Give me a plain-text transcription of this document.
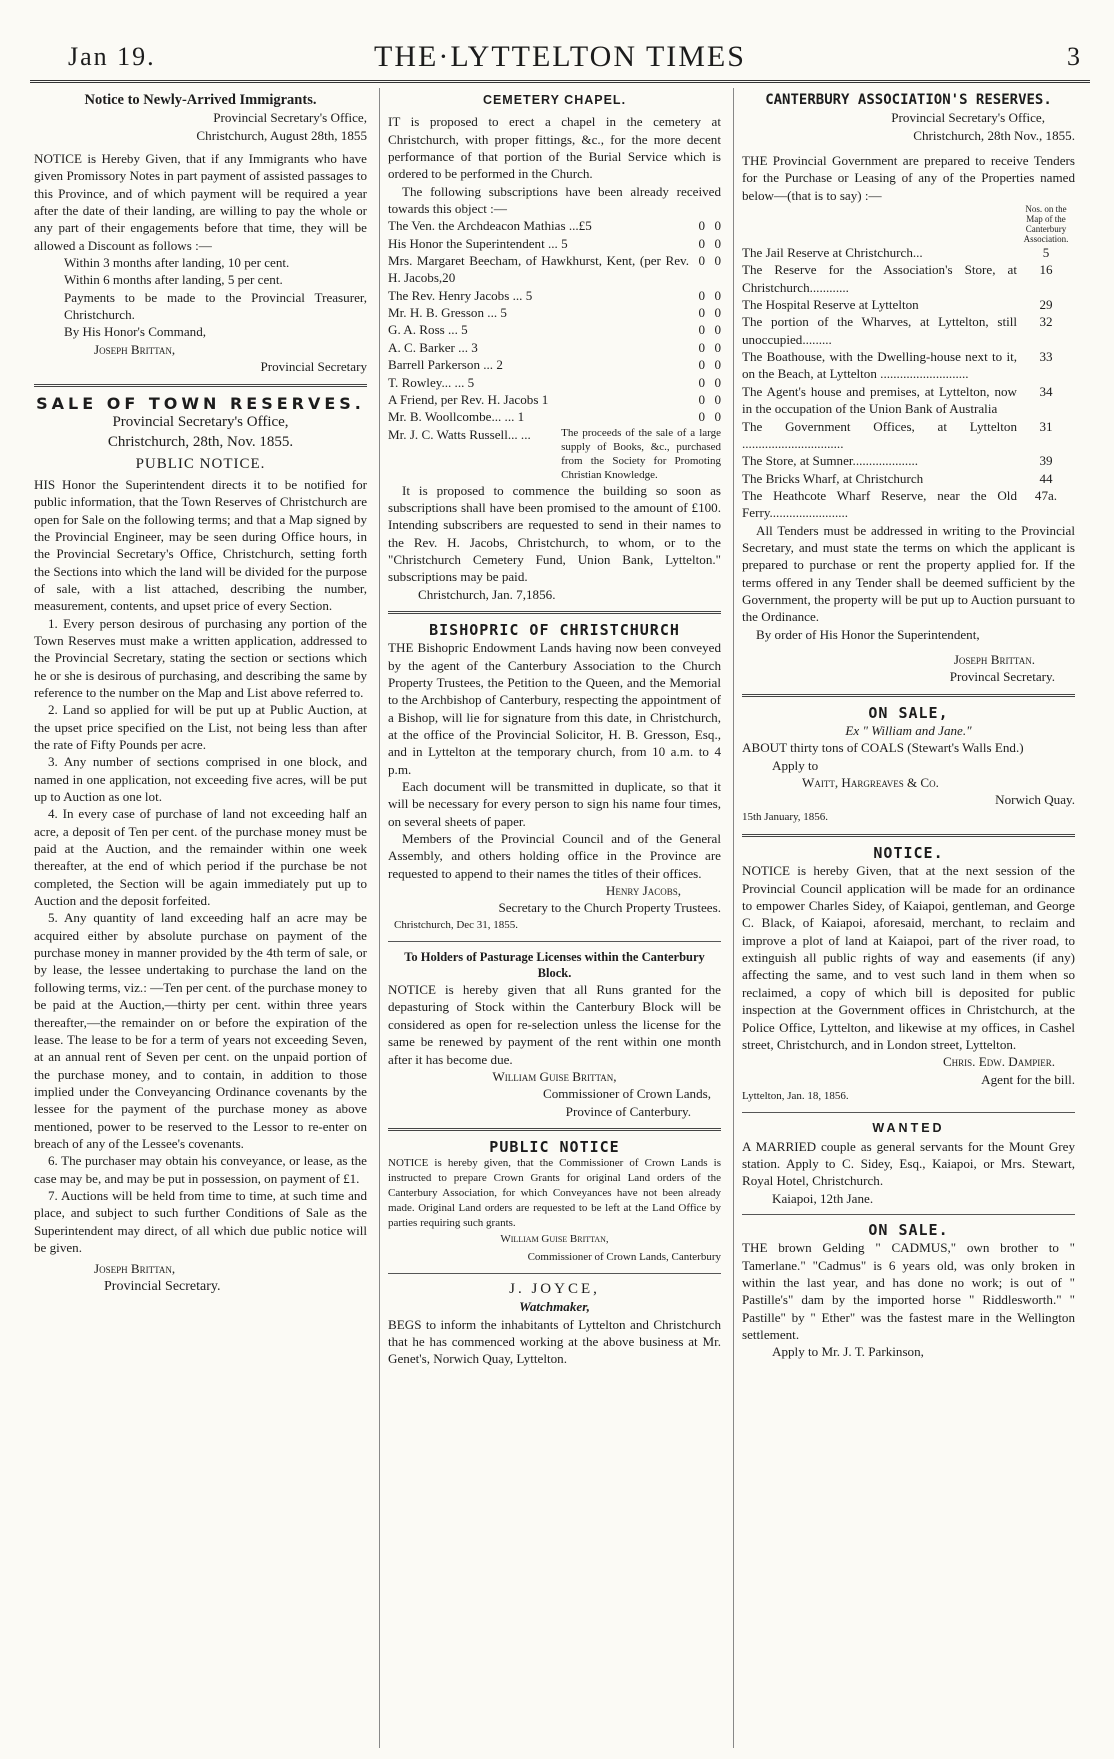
Jan 19.	THE·LYTTELTON TIMES	3

Notice to Newly-Arrived Immigrants.

Provincial Secretary's Office,

Christchurch, August 28th, 1855

NOTICE is Hereby Given, that if any Immigrants who have given Promissory Notes in part payment of assisted passages to this Province, and of which payment will be required a year after the date of their landing, are willing to pay the whole or any part of their engagements before that time, they will be allowed a Discount as follows :—

Within 3 months after landing, 10 per cent.

Within 6 months after landing, 5 per cent.

Payments to be made to the Provincial Treasurer, Christchurch.

By His Honor's Command,

Joseph Brittan,

Provincial Secretary

SALE OF TOWN RESERVES.

Provincial Secretary's Office,

Christchurch, 28th, Nov. 1855.

PUBLIC NOTICE.

HIS Honor the Superintendent directs it to be notified for public information, that the Town Reserves of Christchurch are open for Sale on the following terms; and that a Map signed by the Provincial Engineer, may be seen during Office hours, in the Provincial Secretary's Office, Christchurch, setting forth the Sections into which the land will be divided for the purpose of sale, with a list attached, describing the number, measurement, contents, and upset price of every Section.

1. Every person desirous of purchasing any portion of the Town Reserves must make a written application, addressed to the Provincial Secretary, stating the section or sections which he or she is desirous of purchasing, and describing the same by reference to the number on the Map and List above referred to.

2. Land so applied for will be put up at Public Auction, at the upset price specified on the List, not being less than after the rate of Fifty Pounds per acre.

3. Any number of sections comprised in one block, and named in one application, not exceeding five acres, will be put up to Auction as one lot.

4. In every case of purchase of land not exceeding half an acre, a deposit of Ten per cent. of the purchase money must be paid at the Auction, and the remainder within one week thereafter, at the end of which period if the purchase be not completed, the Section will be again immediately put up to Auction and the deposit forfeited.

5. Any quantity of land exceeding half an acre may be acquired either by absolute purchase on payment of the purchase money in manner provided by the 4th term of sale, or by lease, the lessee undertaking to purchase the land on the following terms, viz.: —Ten per cent. of the purchase money to be paid at the Auction,—thirty per cent. within three years thereafter,—the remainder on or before the expiration of the lease. The lease to be for a term of years not exceeding Seven, at an annual rent of Seven per cent. on the unpaid portion of the purchase money, and to contain, in addition to those implied under the Conveyancing Ordinance covenants by the lessee for the payment of the purchase money as above mentioned, power to be reserved to the Lessor to re-enter on breach of any of the Lessee's covenants.

6. The purchaser may obtain his conveyance, or lease, as the case may be, and may be put in possession, on payment of £1.

7. Auctions will be held from time to time, at such time and place, and subject to such further Conditions of Sale as the Superintendent may direct, of all which due public notice will be given.

Joseph Brittan,

Provincial Secretary.

CEMETERY CHAPEL.

IT is proposed to erect a chapel in the cemetery at Christchurch, with proper fittings, &c., for the more decent performance of that portion of the Burial Service which is ordered to be performed in the Church.

The following subscriptions have been already received towards this object :—

The Ven. the Archdeacon Mathias ...£5	0	0
His Honor the Superintendent ... 5	0	0
Mrs. Margaret Beecham, of Hawkhurst, Kent, (per Rev. H. Jacobs,20	0	0
The Rev. Henry Jacobs ... 5	0	0
Mr. H. B. Gresson ... 5	0	0
G. A. Ross ... 5	0	0
A. C. Barker ... 3	0	0
Barrell Parkerson ... 2	0	0
T. Rowley... ... 5	0	0
A Friend, per Rev. H. Jacobs 1	0	0
Mr. B. Woollcombe... ... 1	0	0
Mr. J. C. Watts Russell... ...	The proceeds of the sale of a large supply of Books, &c., purchased from the Society for Promoting Christian Knowledge.

It is proposed to commence the building so soon as subscriptions shall have been promised to the amount of £100. Intending subscribers are requested to send in their names to the Rev. H. Jacobs, Christchurch, to whom, or to the "Christchurch Cemetery Fund, Union Bank, Lyttelton." subscriptions may be paid.

Christchurch, Jan. 7,1856.

BISHOPRIC OF CHRISTCHURCH

THE Bishopric Endowment Lands having now been conveyed by the agent of the Canterbury Association to the Church Property Trustees, the Petition to the Queen, and the Memorial to the Archbishop of Canterbury, respecting the appointment of a Bishop, will lie for signature from this date, in Christchurch, at the office of the Provincial Solicitor, H. B. Gresson, Esq., and in Lyttelton at the temporary church, from 10 a.m. to 4 p.m.

Each document will be transmitted in duplicate, so that it will be necessary for every person to sign his name four times, on several sheets of paper.

Members of the Provincial Council and of the General Assembly, and others holding office in the Province are requested to append to their names the titles of their offices.

Henry Jacobs,

Secretary to the Church Property Trustees.

Christchurch, Dec 31, 1855.

To Holders of Pasturage Licenses within the Canterbury Block.

NOTICE is hereby given that all Runs granted for the depasturing of Stock within the Canterbury Block will be considered as open for re-selection unless the license for the same be renewed by payment of the rent within one month after it has become due.

William Guise Brittan,

Commissioner of Crown Lands,

Province of Canterbury.

PUBLIC NOTICE

NOTICE is hereby given, that the Commissioner of Crown Lands is instructed to prepare Crown Grants for original Land orders of the Canterbury Association, for which Conveyances have not been already made. Original Land orders are requested to be left at the Land Office by parties requiring such grants.

William Guise Brittan,

Commissioner of Crown Lands, Canterbury

J. JOYCE,

Watchmaker,

BEGS to inform the inhabitants of Lyttelton and Christchurch that he has commenced working at the above business at Mr. Genet's, Norwich Quay, Lyttelton.

CANTERBURY ASSOCIATION'S RESERVES.

Provincial Secretary's Office,

Christchurch, 28th Nov., 1855.

THE Provincial Government are prepared to receive Tenders for the Purchase or Leasing of any of the Properties named below—(that is to say) :—

	Nos. on the Map of the Canterbury Association.
The Jail Reserve at Christchurch...	5
The Reserve for the Association's Store, at Christchurch............	16
The Hospital Reserve at Lyttelton	29
The portion of the Wharves, at Lyttelton, still unoccupied.........	32
The Boathouse, with the Dwelling-house next to it, on the Beach, at Lyttelton ...........................	33
The Agent's house and premises, at Lyttelton, now in the occupation of the Union Bank of Australia	34
The Government Offices, at Lyttelton ...............................	31
The Store, at Sumner....................	39
The Bricks Wharf, at Christchurch	44
The Heathcote Wharf Reserve, near the Old Ferry........................	47a.

All Tenders must be addressed in writing to the Provincial Secretary, and must state the terms on which the applicant is prepared to purchase or rent the property applied for. If the terms offered in any Tender shall be deemed sufficient by the Government, the property will be put up to Auction pursuant to the Ordinance.

By order of His Honor the Superintendent,

Joseph Brittan.

Provincal Secretary.

ON SALE,

Ex " William and Jane."

ABOUT thirty tons of COALS (Stewart's Walls End.)

Apply to

Waitt, Hargreaves & Co.

Norwich Quay.

15th January, 1856.

NOTICE.

NOTICE is hereby Given, that at the next session of the Provincial Council application will be made for an ordinance to empower Charles Sidey, of Kaiapoi, gentleman, and George C. Black, of Kaiapoi, aforesaid, merchant, to reclaim and improve a plot of land at Kaiapoi, part of the river road, to extinguish all public rights of way and easements (if any) affecting the same, and to vest such land in them when so reclaimed, a copy of which bill is deposited for public inspection at the Government offices in Christchurch, at the Police Office, Lyttelton, and likewise at my offices, in Cashel street, Christchurch, and in London street, Lyttelton.

Chris. Edw. Dampier.

Agent for the bill.

Lyttelton, Jan. 18, 1856.

WANTED

A MARRIED couple as general servants for the Mount Grey station. Apply to C. Sidey, Esq., Kaiapoi, or Mrs. Stewart, Royal Hotel, Christchurch.

Kaiapoi, 12th Jane.

ON SALE.

THE brown Gelding " CADMUS," own brother to " Tamerlane." "Cadmus" is 6 years old, was only broken in within the last year, and has done no work; is out of " Pastille's" dam by the imported horse " Riddlesworth." " Pastille" by " Ether" was the fastest mare in the Wellington settlement.

Apply to Mr. J. T. Parkinson,
